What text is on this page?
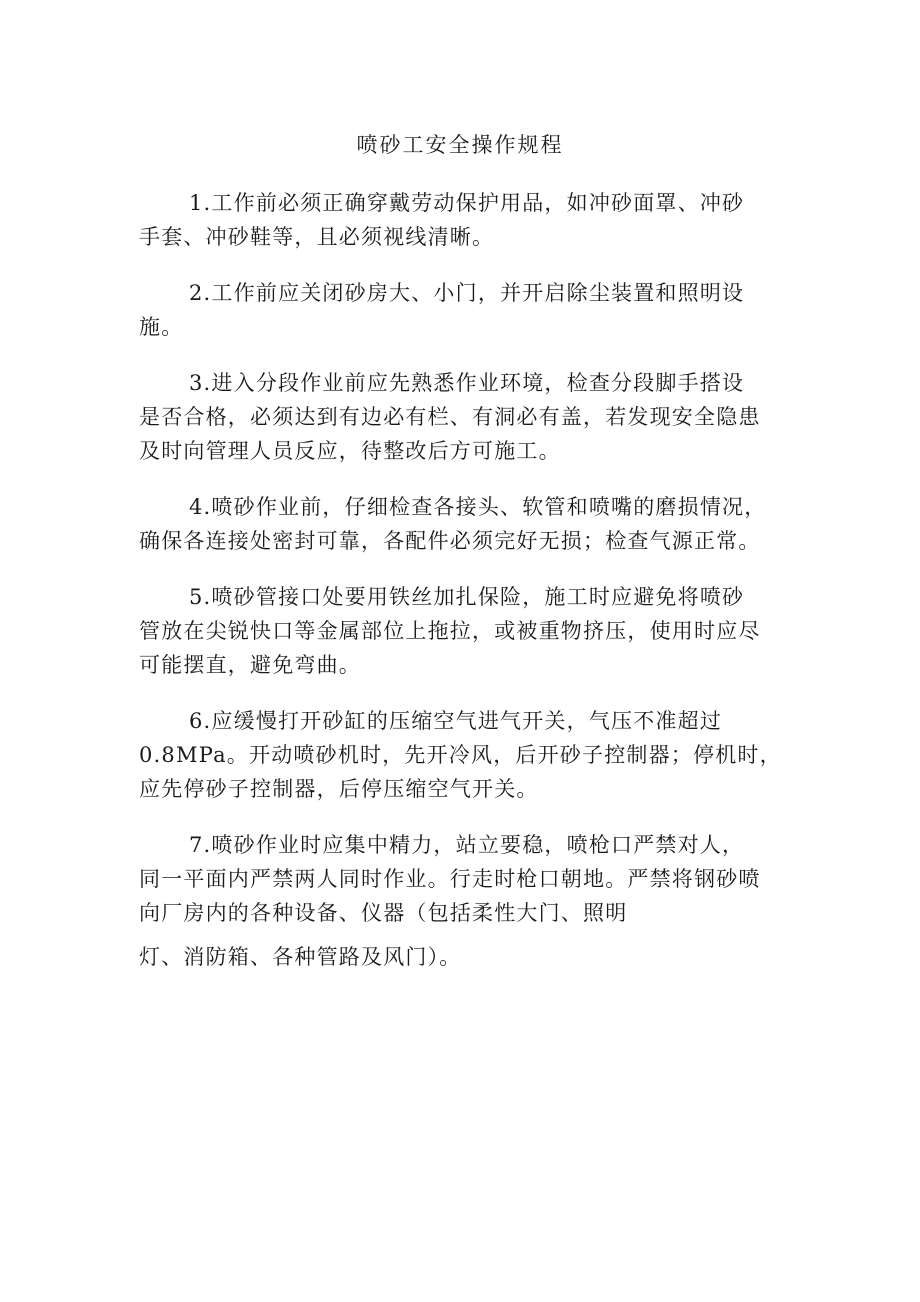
喷砂工安全操作规程

1.工作前必须正确穿戴劳动保护用品，如冲砂面罩、冲砂
手套、冲砂鞋等，且必须视线清晰。

2.工作前应关闭砂房大、小门，并开启除尘装置和照明设
施。

3.进入分段作业前应先熟悉作业环境，检查分段脚手搭设
是否合格，必须达到有边必有栏、有洞必有盖，若发现安全隐患
及时向管理人员反应，待整改后方可施工。

4.喷砂作业前，仔细检查各接头、软管和喷嘴的磨损情况，
确保各连接处密封可靠，各配件必须完好无损；检查气源正常。

5.喷砂管接口处要用铁丝加扎保险，施工时应避免将喷砂
管放在尖锐快口等金属部位上拖拉，或被重物挤压，使用时应尽
可能摆直，避免弯曲。

6.应缓慢打开砂缸的压缩空气进气开关，气压不准超过
0.8MPa。开动喷砂机时，先开冷风，后开砂子控制器；停机时，
应先停砂子控制器，后停压缩空气开关。

7.喷砂作业时应集中精力，站立要稳，喷枪口严禁对人，
同一平面内严禁两人同时作业。行走时枪口朝地。严禁将钢砂喷
向厂房内的各种设备、仪器（包括柔性大门、照明

灯、消防箱、各种管路及风门）。
